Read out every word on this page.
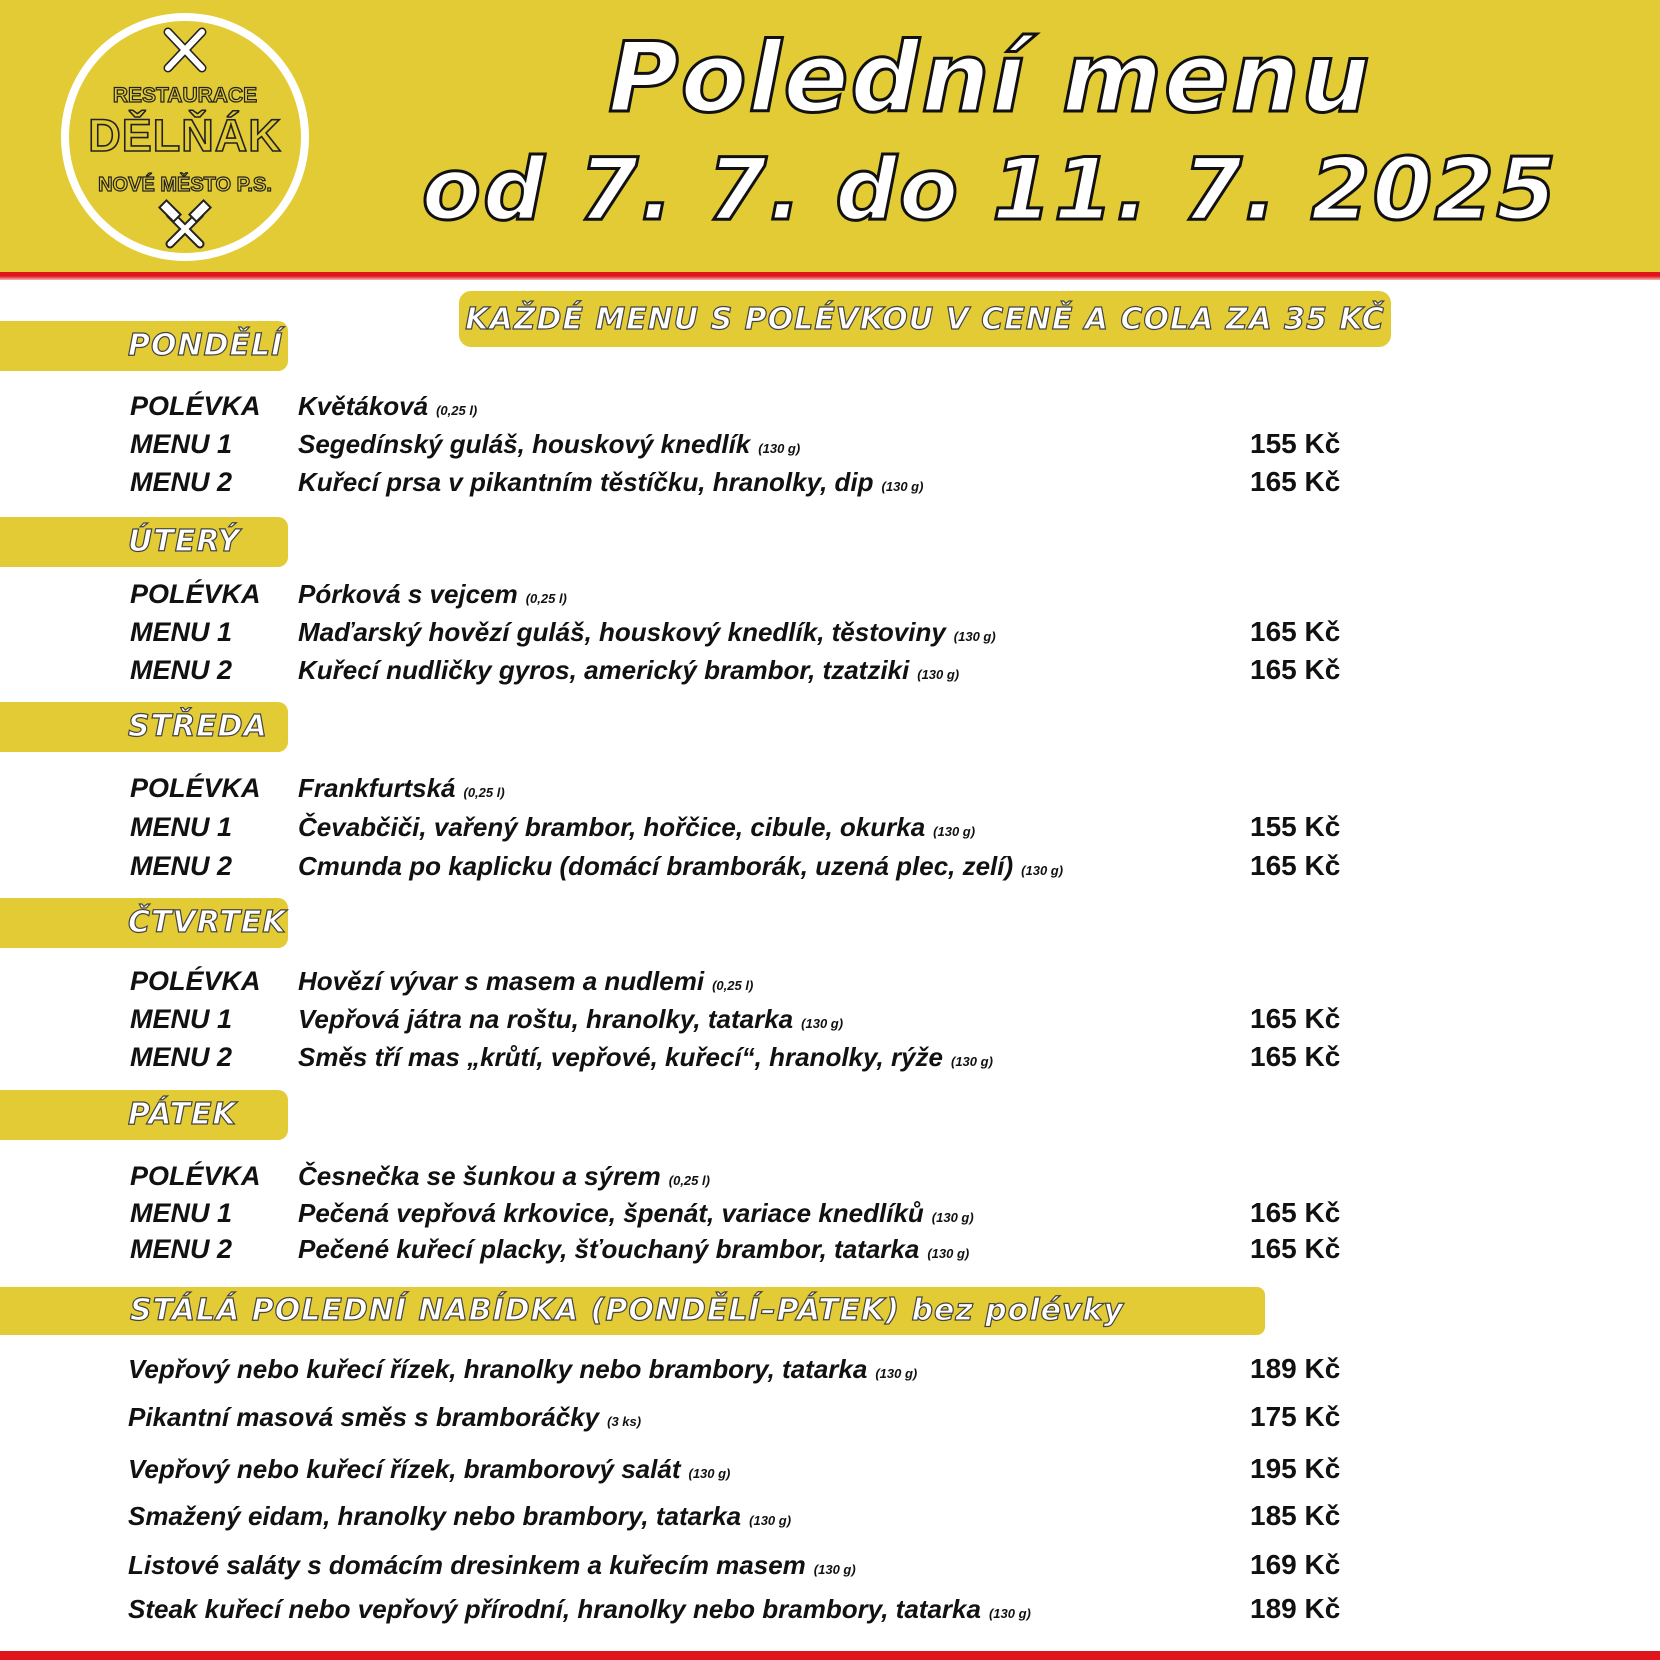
RESTAURACE
DĚLŇÁK
NOVÉ MĚSTO P.S.
Polední menu
od 7. 7. do 11. 7. 2025
KAŽDÉ MENU S POLÉVKOU V CENĚ A COLA ZA 35 KČ
PONDĚLÍ
POLÉVKA Květáková (0,25 l)
MENU 1	Segedínský guláš, houskový knedlík (130 g)	155 Kč
MENU 2	Kuřecí prsa v pikantním těstíčku, hranolky, dip (130 g)	165 Kč
ÚTERÝ
POLÉVKA Pórková s vejcem (0,25 l)
MENU 1	Maďarský hovězí guláš, houskový knedlík, těstoviny (130 g)	165 Kč
MENU 2	Kuřecí nudličky gyros, americký brambor, tzatziki (130 g)	165 Kč
STŘEDA
POLÉVKA Frankfurtská (0,25 l)
MENU 1	Čevabčiči, vařený brambor, hořčice, cibule, okurka (130 g)	155 Kč
MENU 2	Cmunda po kaplicku (domácí bramborák, uzená plec, zelí) (130 g)	165 Kč
ČTVRTEK
POLÉVKA Hovězí vývar s masem a nudlemi (0,25 l)
MENU 1	Vepřová játra na roštu, hranolky, tatarka (130 g)	165 Kč
MENU 2	Směs tří mas „krůtí, vepřové, kuřecí“, hranolky, rýže (130 g)	165 Kč
PÁTEK
POLÉVKA Česnečka se šunkou a sýrem (0,25 l)
MENU 1	Pečená vepřová krkovice, špenát, variace knedlíků (130 g)	165 Kč
MENU 2	Pečené kuřecí placky, šťouchaný brambor, tatarka (130 g)	165 Kč
STÁLÁ POLEDNÍ NABÍDKA (PONDĚLÍ–PÁTEK) bez polévky
Vepřový nebo kuřecí řízek, hranolky nebo brambory, tatarka (130 g)	189 Kč
Pikantní masová směs s bramboráčky (3 ks)	175 Kč
Vepřový nebo kuřecí řízek, bramborový salát (130 g)	195 Kč
Smažený eidam, hranolky nebo brambory, tatarka (130 g)	185 Kč
Listové saláty s domácím dresinkem a kuřecím masem (130 g)	169 Kč
Steak kuřecí nebo vepřový přírodní, hranolky nebo brambory, tatarka (130 g)	189 Kč
